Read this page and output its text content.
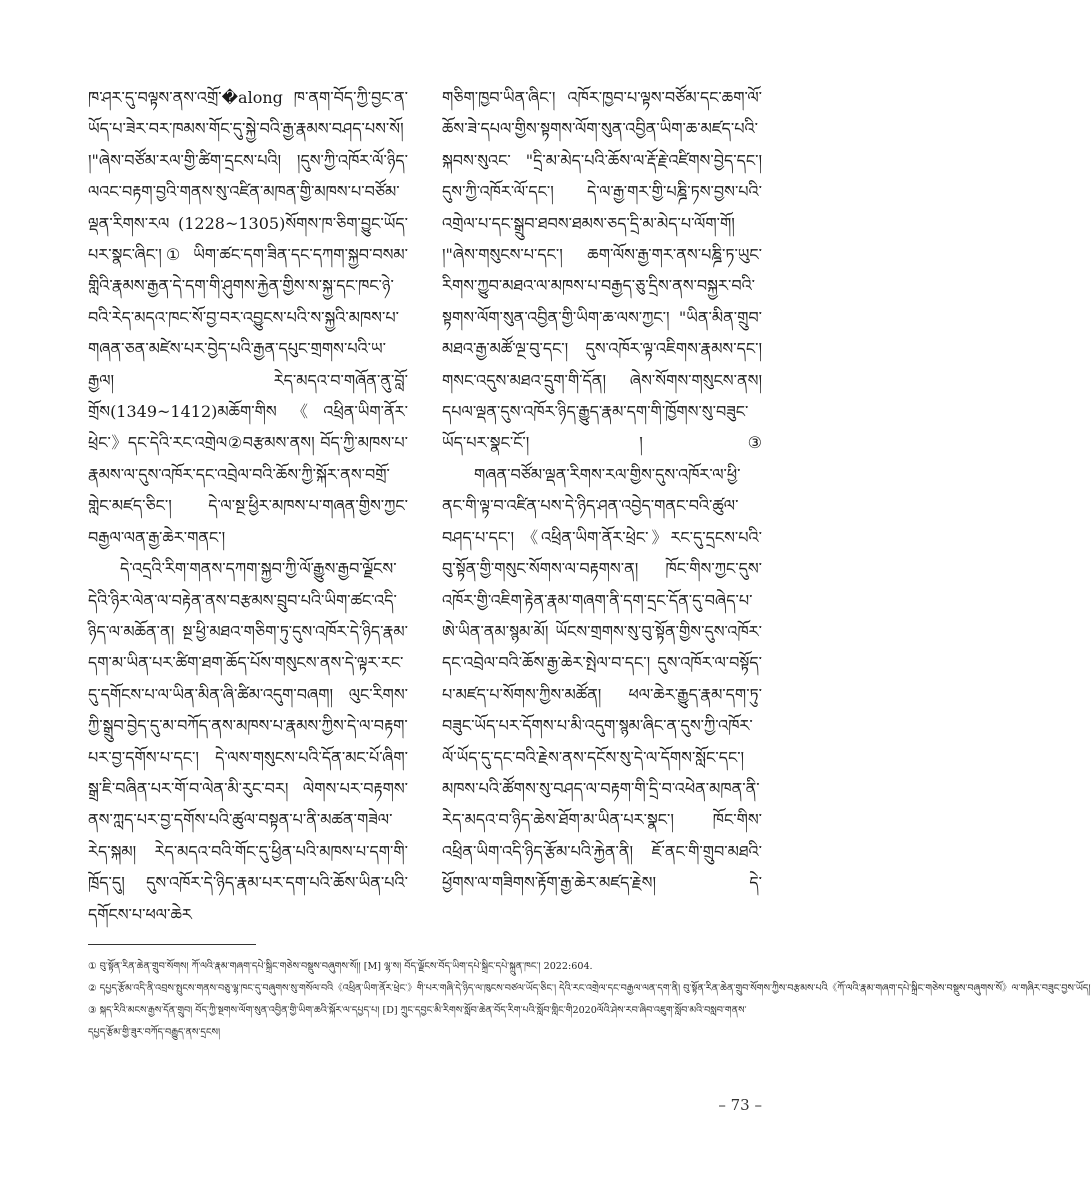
ཁ་ཤར་དུ་བལྟས་ནས་འགྲོ་�along ཁ་ནག་བོད་ཀྱི་བྱང་ན་ཡོད་པ་ཟེར་བར་ཁམས་གོང་དུ་སྐྱེ་བའི་རྒྱ་རྣམས་བཤད་པས་སོ། །"ཞེས་བཙོམ་རལ་གྱི་ཚིག་དྲངས་པའི། །དུས་ཀྱི་འཁོར་ལོ་ཉིད་ལའང་བརྟག་བྱའི་གནས་སུ་འཛིན་མཁན་གྱི་མཁས་པ་བཙོམ་ལྡན་རིགས་རལ (1228~1305)སོགས་ཁ་ཅིག་བྱུང་ཡོད་པར་སྣང་ཞིང་།① ཡིག་ཚང་དག་ཟིན་དང་དཀག་སྐྱབ་བསམ་གླིའི་རྣམས་རྒྱན་དེ་དག་གི་ཤུགས་རྐྱེན་གྱིས་ས་སྐྱ་དང་ཁང་ཉེ་བའི་རེད་མདའ་ཁང་སོ་བྱ་བར་འབྱུངས་པའི་ས་སྐྱའི་མཁས་པ་གཞན་ཅན་མཛེས་པར་བྱེད་པའི་རྒྱན་དཔུང་གྲགས་པའི་ཡ་རྒྱལ། རེད་མདའ་བ་གཞོན་ནུ་བློ་གྲོས(1349~1412)མཆོག་གིས《འཕྲིན་ཡིག་ནོར་ཕྲེང་》དང་དེའི་རང་འགྲེལ②བརྩམས་ནས། བོད་ཀྱི་མཁས་པ་རྣམས་ལ་དུས་འཁོར་དང་འབྲེལ་བའི་ཆོས་ཀྱི་སྐོར་ནས་བགྲོ་གླེང་མཛད་ཅིང་། དེ་ལ་སྔ་ཕྱིར་མཁས་པ་གཞན་གྱིས་ཀྱང་བརྒྱལ་ལན་རྒྱ་ཆེར་གནང་།

དེ་འདྲའི་རིག་གནས་དཀག་སྐྱབ་ཀྱི་ལོ་རྒྱུས་རྒྱབ་ལྗོངས་དེའི་ཉིར་ལེན་ལ་བརྟེན་ནས་བརྩམས་བྲུབ་པའི་ཡིག་ཚང་འདི་ཉིད་ལ་མཆོན་ན། སྔ་ཕྱི་མཐའ་གཅིག་ཏུ་དུས་འཁོར་དེ་ཉིད་རྣམ་དག་མ་ཡིན་པར་ཚིག་ཐག་ཆོད་པོས་གསུངས་ནས་དེ་ལྟར་རང་དུ་དགོངས་པ་ལ་ཡིན་མིན་ཞི་ཚིམ་འདུག་བཞག། ལུང་རིགས་ཀྱི་སྒྲུབ་བྱེད་དུ་མ་བཀོད་ནས་མཁས་པ་རྣམས་ཀྱིས་དེ་ལ་བརྟག་པར་བྱ་དགོས་པ་དང་། དེ་ལས་གསུངས་པའི་དོན་མང་པོ་ཞིག་སྒྲ་ཇི་བཞིན་པར་གོ་བ་ལེན་མི་རུང་བར། ལེགས་པར་བརྟགས་ནས་ཀླད་པར་བྱ་དགོས་པའི་ཚུལ་བསྟན་པ་ནི་མཚན་གཟེལ་རེད་སྐམ། རེད་མདའ་བའི་གོང་དུ་ཕྱིན་པའི་མཁས་པ་དག་གི་ཁྲོད་དུ། དུས་འཁོར་དེ་ཉིད་རྣམ་པར་དག་པའི་ཆོས་ཡིན་པའི་དགོངས་པ་ཕལ་ཆེར

གཅིག་ཁྱབ་ཡིན་ཞིང་། འཁོར་ཁྱབ་པ་ལྟས་བཙོམ་དང་ཆག་ལོ་ཆོས་ཟེ་དཔལ་གྱིས་སྟགས་ལོག་སུན་འབྱིན་ཡིག་ཆ་མཛད་པའི་སྐབས་སུའང་ "དྲི་མ་མེད་པའི་ཆོས་ལ་རྡོ་རྗེ་འཛིགས་བྱེད་དང་། དུས་ཀྱི་འཁོར་ལོ་དང་། དེ་ལ་རྒྱ་གར་གྱི་པཎྜི་ཏས་བྱས་པའི་འགྲེལ་པ་དང་སྒྲུབ་ཐབས་ཐམས་ཅད་དྲི་མ་མེད་པ་ལོག་གོ། །"ཞེས་གསུངས་པ་དང་། ཆག་ལོས་རྒྱ་གར་ནས་པཎྜི་ཏ་ཡུང་རིགས་ཀྱུབ་མཐའ་ལ་མཁས་པ་བརྒྱད་ཅུ་དྲིས་ནས་བསྐྱར་བའི་སྟགས་ལོག་སུན་འབྱིན་གྱི་ཡིག་ཆ་ལས་ཀྱང་། "ཡིན་མིན་གྲུབ་མཐའ་རྒྱ་མཚོ་ལྔ་བུ་དང་། དུས་འཁོར་ལྟ་འཇིགས་རྣམས་དང་། གསང་འདུས་མཐའ་དྲུག་གི་དོན། ཞེས་སོགས་གསུངས་ནས། དཔལ་ལྡན་དུས་འཁོར་ཉིད་རྒྱུད་རྣམ་དག་གི་ཁྱོགས་སུ་བཟུང་ཡོད་པར་སྣང་ངོ་། །③

གཞན་བཙོམ་ལྡན་རིགས་རལ་གྱིས་དུས་འཁོར་ལ་ཕྱི་ནང་གི་ལྟ་བ་འཛིན་པས་དེ་ཉིད་ཤན་འབྱེད་གནང་བའི་ཚུལ་བཤད་པ་དང་། 《འཕྲིན་ཡིག་ནོར་ཕྲེང་》རང་དུ་དྲངས་པའི་བུ་སྟོན་གྱི་གསུང་སོགས་ལ་བརྟགས་ན། ཁོང་གིས་ཀྱང་དུས་འཁོར་གྱི་འཇིག་རྟེན་རྣམ་གཞག་ནི་དག་དྲང་དོན་དུ་བཞེད་པ་ཨེ་ཡིན་ནམ་སྙམ་མོ། ཡོངས་གྲགས་སུ་བུ་སྟོན་གྱིས་དུས་འཁོར་དང་འབྲེལ་བའི་ཆོས་རྒྱ་ཆེར་སྤེལ་བ་དང་། དུས་འཁོར་ལ་བསྟོད་པ་མཛད་པ་སོགས་ཀྱིས་མཚོན། ཕལ་ཆེར་རྒྱུད་རྣམ་དག་ཏུ་བཟུང་ཡོད་པར་དོགས་པ་མི་འདུག་སྙམ་ཞིང་ན་དུས་ཀྱི་འཁོར་ལོ་ཡོད་དུ་དང་བའི་རྗེས་ནས་དངོས་སུ་དེ་ལ་དོགས་སློང་དང་། མཁས་པའི་ཚོགས་སུ་བཤད་ལ་བརྟག་གི་དྲི་བ་འཕེན་མཁན་ནི་རེད་མདའ་བ་ཉིད་ཆེས་ཐོག་མ་ཡིན་པར་སྣང་། ཁོང་གིས་འཕྲིན་ཡིག་འདི་ཉིད་རྩོམ་པའི་རྐྱེན་ནི། ཇོ་ནང་གི་གྲུབ་མཐའི་ཕྱོགས་ལ་གཟིགས་རྟོག་རྒྱ་ཆེར་མཛད་རྗེས། དེ་

① བུ་སྟོན་རིན་ཆེན་གྲུབ་སོགས། ཀོ་ལའི་རྣམ་གཞག་དཔེ་སྐྲིང་གཅེས་བསྡུས་བཞུགས་སོ།། [M] ལྷ་ས། བོད་ལྗོངས་བོད་ཡིག་དཔེ་སྐྲིང་དཔེ་སྐྲུན་ཁང་། 2022:604.

② དཔྱད་རྩོམ་འདི་ནི་འབྲས་སྤུངས་གནས་བཅུ་ལྷ་ཁང་དུ་བཞུགས་སུ་གསོལ་བའི《འཕྲིན་ཡིག་ནོར་ཕྲེང་》གི་པར་གཞི་དེ་ཉིད་ལ་ཁུངས་བཙལ་ཡོད་ཅིང་། དེའི་རང་འགྲེལ་དང་བརྒྱལ་ལན་དག་ནི། བུ་སྟོན་རིན་ཆེན་གྲུབ་སོགས་ཀྱིས་བརྩམས་པའི《ཀོ་ལའི་རྣམ་གཞག་དཔེ་སྐྲིང་གཅེས་བསྡུས་བཞུགས་སོ》ལ་གཞིར་བཟུང་བྱས་ཡོད།

③ སྐད་རིའི་མངས་རྒྱས་དོན་གྲུབ། བོད་ཀྱི་སྔགས་ལོག་སུན་འབྱིན་གྱི་ཡིག་ཆའི་སྐོར་ལ་དཔྱད་པ། [D] ཀྲུང་དབྱང་མི་རིགས་སློབ་ཆེན་བོད་རིག་པའི་སློབ་གླིང་གི2020ལོའི་ཤེས་རབ་ཞིབ་འཇུག་སློབ་མའི་བསླབ་གནས་དཔྱད་རྩོམ་གྱི་ཟུར་བཀོད་བརྒྱུད་ནས་དྲངས།

– 73 –
